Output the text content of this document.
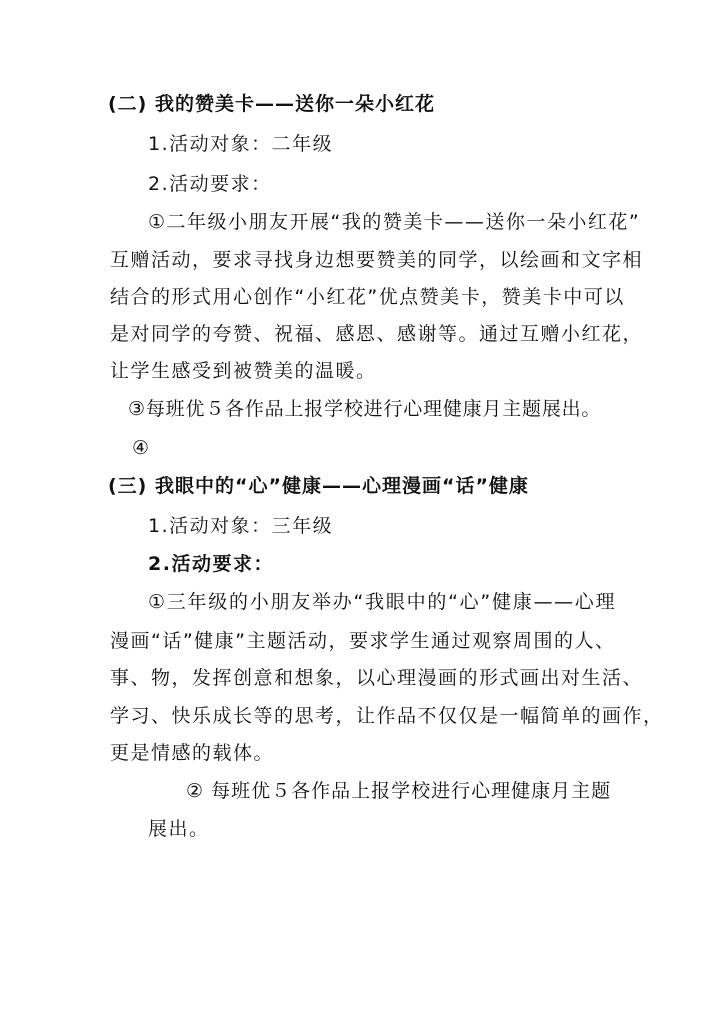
(二) 我的赞美卡——送你一朵小红花
1.活动对象：二年级
2.活动要求：
①二年级小朋友开展“我的赞美卡——送你一朵小红花”
互赠活动，要求寻找身边想要赞美的同学，以绘画和文字相
结合的形式用心创作“小红花”优点赞美卡，赞美卡中可以
是对同学的夸赞、祝福、感恩、感谢等。通过互赠小红花，
让学生感受到被赞美的温暖。
③每班优５各作品上报学校进行心理健康月主题展出。
④
(三) 我眼中的“心”健康——心理漫画“话”健康
1.活动对象：三年级
2.活动要求：
①三年级的小朋友举办“我眼中的“心”健康——心理
漫画“话”健康”主题活动，要求学生通过观察周围的人、
事、物，发挥创意和想象，以心理漫画的形式画出对生活、
学习、快乐成长等的思考，让作品不仅仅是一幅简单的画作，
更是情感的载体。
② 每班优５各作品上报学校进行心理健康月主题
展出。
